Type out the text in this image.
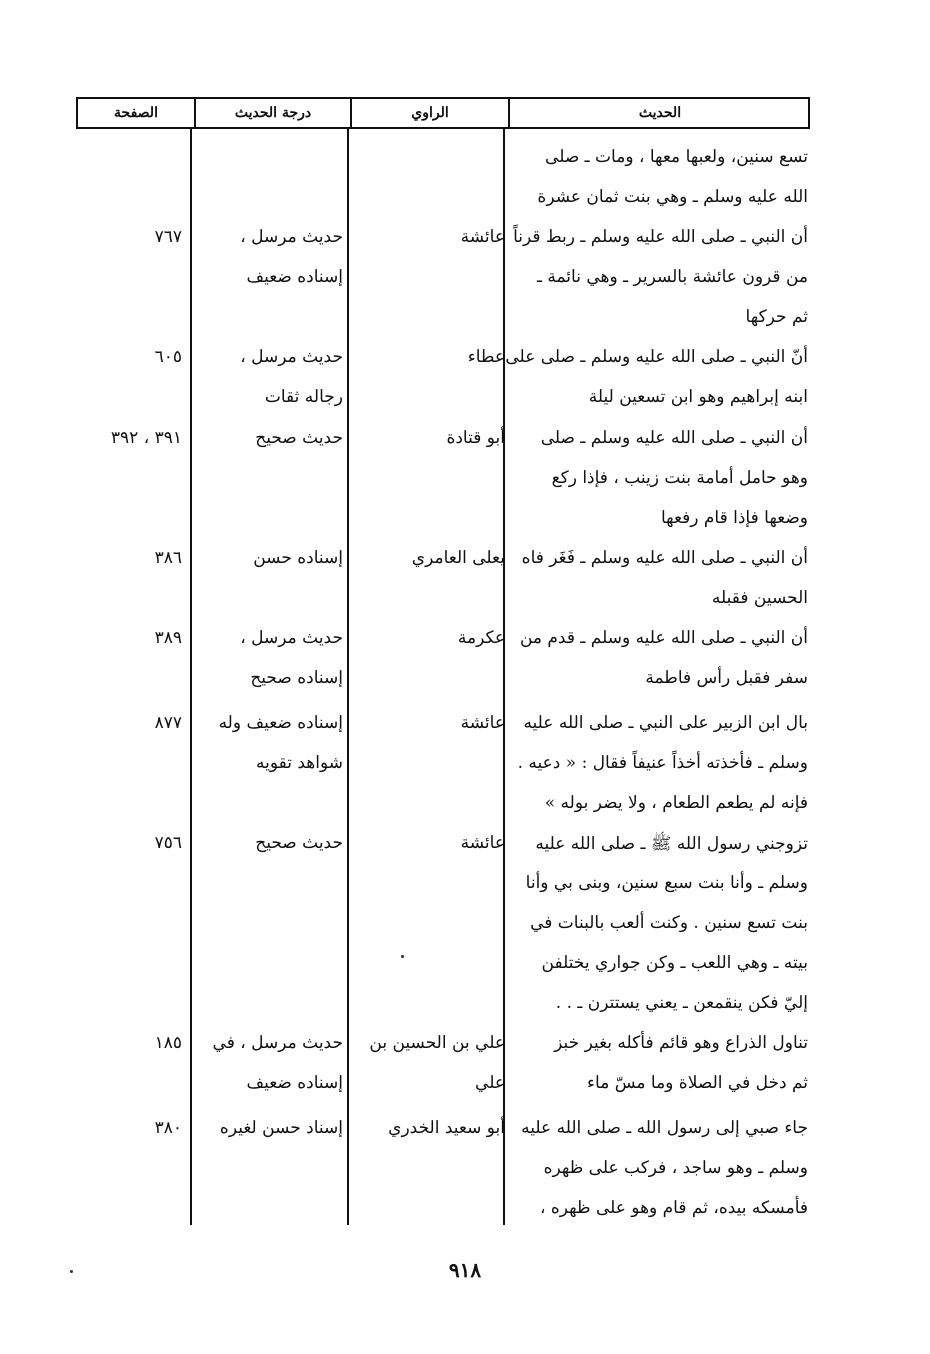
الحديث
الراوي
درجة الحديث
الصفحة
تسع سنين، ولعبها معها ، ومات ـ صلى
الله عليه وسلم ـ وهي بنت ثمان عشرة
أن النبي ـ صلى الله عليه وسلم ـ ربط قرناً
عائشة
حديث مرسل ،
٧٦٧
من قرون عائشة بالسرير ـ وهي نائمة ـ
إسناده ضعيف
ثم حركها
أنّ النبي ـ صلى الله عليه وسلم ـ صلى على
عطاء
حديث مرسل ،
٦٠٥
ابنه إبراهيم وهو ابن تسعين ليلة
رجاله ثقات
أن النبي ـ صلى الله عليه وسلم ـ صلى
أبو قتادة
حديث صحيح
٣٩١ ، ٣٩٢
وهو حامل أمامة بنت زينب ، فإذا ركع
وضعها فإذا قام رفعها
أن النبي ـ صلى الله عليه وسلم ـ فَغَر فاه
يعلى العامري
إسناده حسن
٣٨٦
الحسين فقبله
أن النبي ـ صلى الله عليه وسلم ـ قدم من
عكرمة
حديث مرسل ،
٣٨٩
سفر فقبل رأس فاطمة
إسناده صحيح
بال ابن الزبير على النبي ـ صلى الله عليه
عائشة
إسناده ضعيف وله
٨٧٧
وسلم ـ فأخذته أخذاً عنيفاً فقال : « دعيه .
شواهد تقويه
فإنه لم يطعم الطعام ، ولا يضر بوله »
تزوجني رسول الله ﷺ ـ صلى الله عليه
عائشة
حديث صحيح
٧٥٦
وسلم ـ وأنا بنت سبع سنين، وبنى بي وأنا
بنت تسع سنين . وكنت ألعب بالبنات في
بيته ـ وهي اللعب ـ وكن جواري يختلفن
إليّ فكن ينقمعن ـ يعني يستترن ـ . .
تناول الذراع وهو قائم فأكله بغير خبز
علي بن الحسين بن
حديث مرسل ، في
١٨٥
ثم دخل في الصلاة وما مسّ ماء
علي
إسناده ضعيف
جاء صبي إلى رسول الله ـ صلى الله عليه
أبو سعيد الخدري
إسناد حسن لغيره
٣٨٠
وسلم ـ وهو ساجد ، فركب على ظهره
فأمسكه بيده، ثم قام وهو على ظهره ،
٩١٨
